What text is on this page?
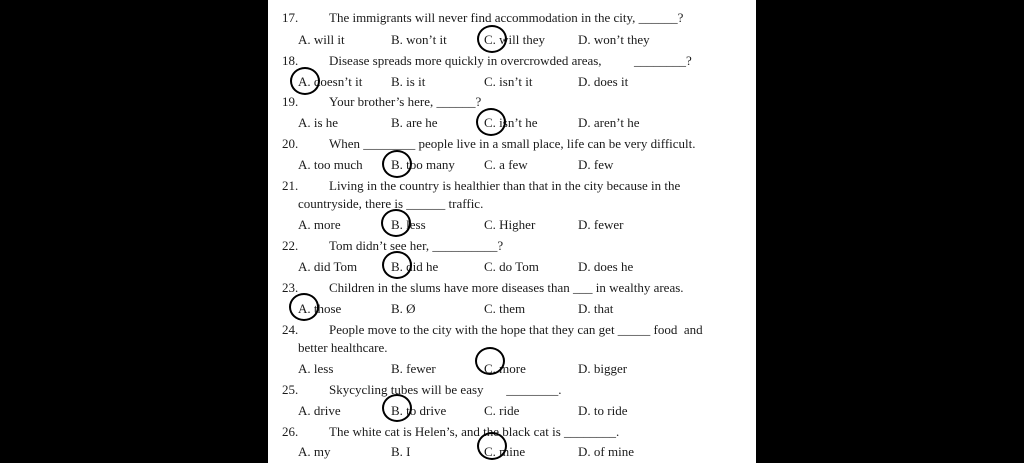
17. The immigrants will never find accommodation in the city, ______?
A. will it	B. won’t it	C. will they	D. won’t they
18. Disease spreads more quickly in overcrowded areas,          ________?
A. doesn’t it B. is it	C. isn’t it	D. does it
19. Your brother’s here, ______?
A. is he	B. are he	C. isn’t he	D. aren’t he
20. When ________ people live in a small place, life can be very difficult.
A. too much B. too many C. a few	D. few
21. Living in the country is healthier than that in the city because in the
countryside, there is ______ traffic.
A. more	B. less	C. Higher	D. fewer
22. Tom didn’t see her, __________?
A. did Tom	B. did he	C. do Tom	D. does he
23. Children in the slums have more diseases than ___ in wealthy areas.
A. those	B. Ø	C. them	D. that
24. People move to the city with the hope that they can get _____ food  and
better healthcare.
A. less	B. fewer	C. more	D. bigger
25. Skycycling tubes will be easy       ________.
A. drive	B. to drive	C. ride	D. to ride
26. The white cat is Helen’s, and the black cat is ________.
A. my	B. I	C. mine	D. of mine
